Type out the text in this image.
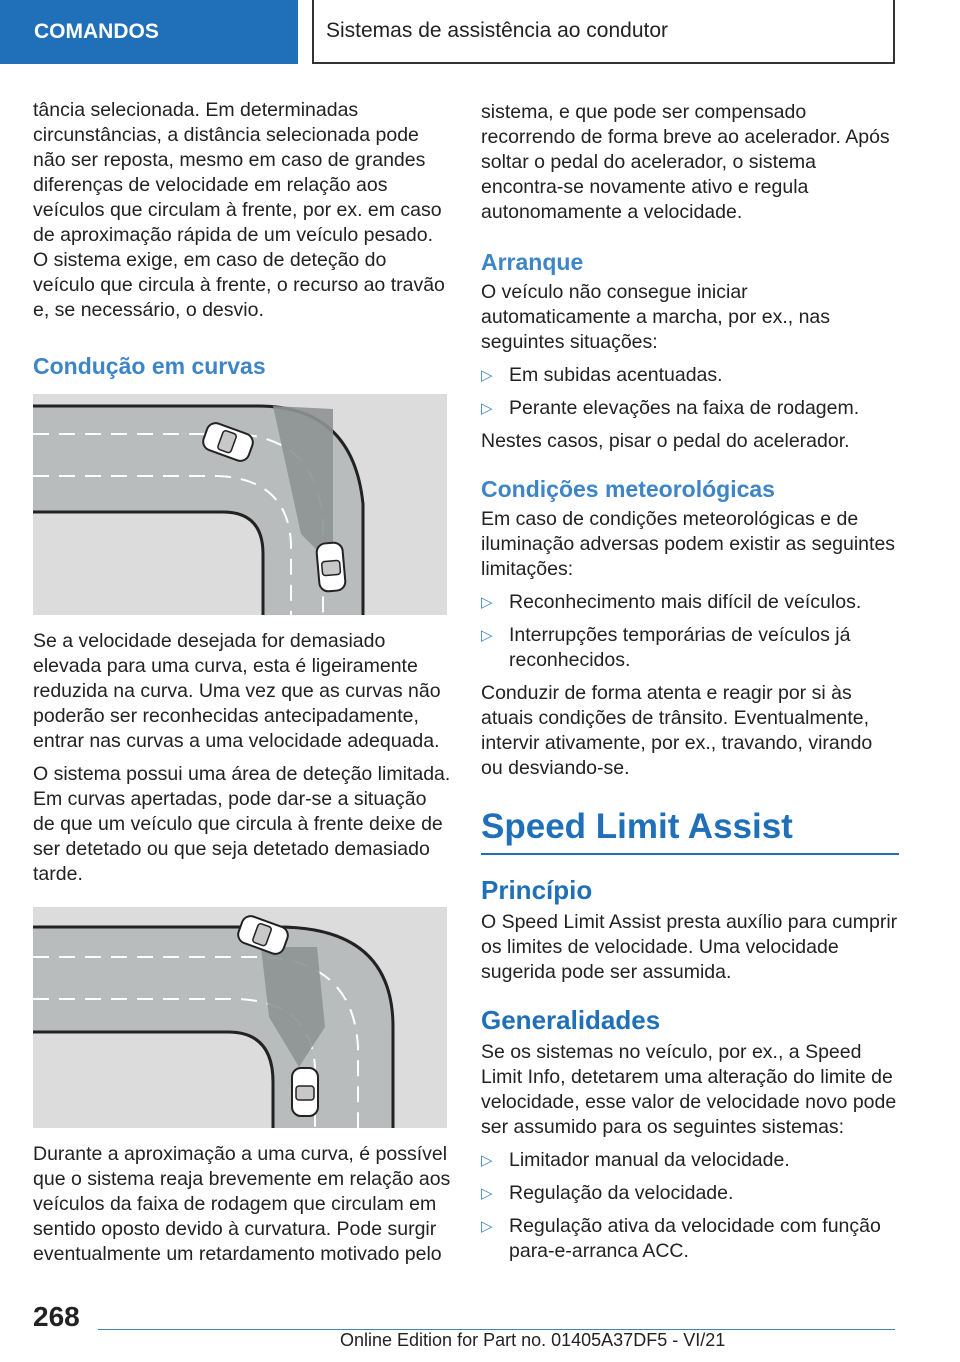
COMANDOS	Sistemas de assistência ao condutor

tância selecionada. Em determinadas circunstâncias, a distância selecionada pode não ser reposta, mesmo em caso de grandes diferenças de velocidade em relação aos veículos que circulam à frente, por ex. em caso de aproximação rápida de um veículo pesado. O sistema exige, em caso de deteção do veículo que circula à frente, o recurso ao travão e, se necessário, o desvio.

Condução em curvas

Se a velocidade desejada for demasiado elevada para uma curva, esta é ligeiramente reduzida na curva. Uma vez que as curvas não poderão ser reconhecidas antecipadamente, entrar nas curvas a uma velocidade adequada.

O sistema possui uma área de deteção limitada. Em curvas apertadas, pode dar-se a situação de que um veículo que circula à frente deixe de ser detetado ou que seja detetado demasiado tarde.

Durante a aproximação a uma curva, é possível que o sistema reaja brevemente em relação aos veículos da faixa de rodagem que circulam em sentido oposto devido à curvatura. Pode surgir eventualmente um retardamento motivado pelo

sistema, e que pode ser compensado recorrendo de forma breve ao acelerador. Após soltar o pedal do acelerador, o sistema encontra-se novamente ativo e regula autonomamente a velocidade.

Arranque

O veículo não consegue iniciar automaticamente a marcha, por ex., nas seguintes situações:

▷ Em subidas acentuadas.
▷ Perante elevações na faixa de rodagem.

Nestes casos, pisar o pedal do acelerador.

Condições meteorológicas

Em caso de condições meteorológicas e de iluminação adversas podem existir as seguintes limitações:

▷ Reconhecimento mais difícil de veículos.
▷ Interrupções temporárias de veículos já reconhecidos.

Conduzir de forma atenta e reagir por si às atuais condições de trânsito. Eventualmente, intervir ativamente, por ex., travando, virando ou desviando-se.

Speed Limit Assist
Princípio

O Speed Limit Assist presta auxílio para cumprir os limites de velocidade. Uma velocidade sugerida pode ser assumida.

Generalidades

Se os sistemas no veículo, por ex., a Speed Limit Info, detetarem uma alteração do limite de velocidade, esse valor de velocidade novo pode ser assumido para os seguintes sistemas:

▷ Limitador manual da velocidade.
▷ Regulação da velocidade.
▷ Regulação ativa da velocidade com função para-e-arranca ACC.
268
Online Edition for Part no. 01405A37DF5 - VI/21
